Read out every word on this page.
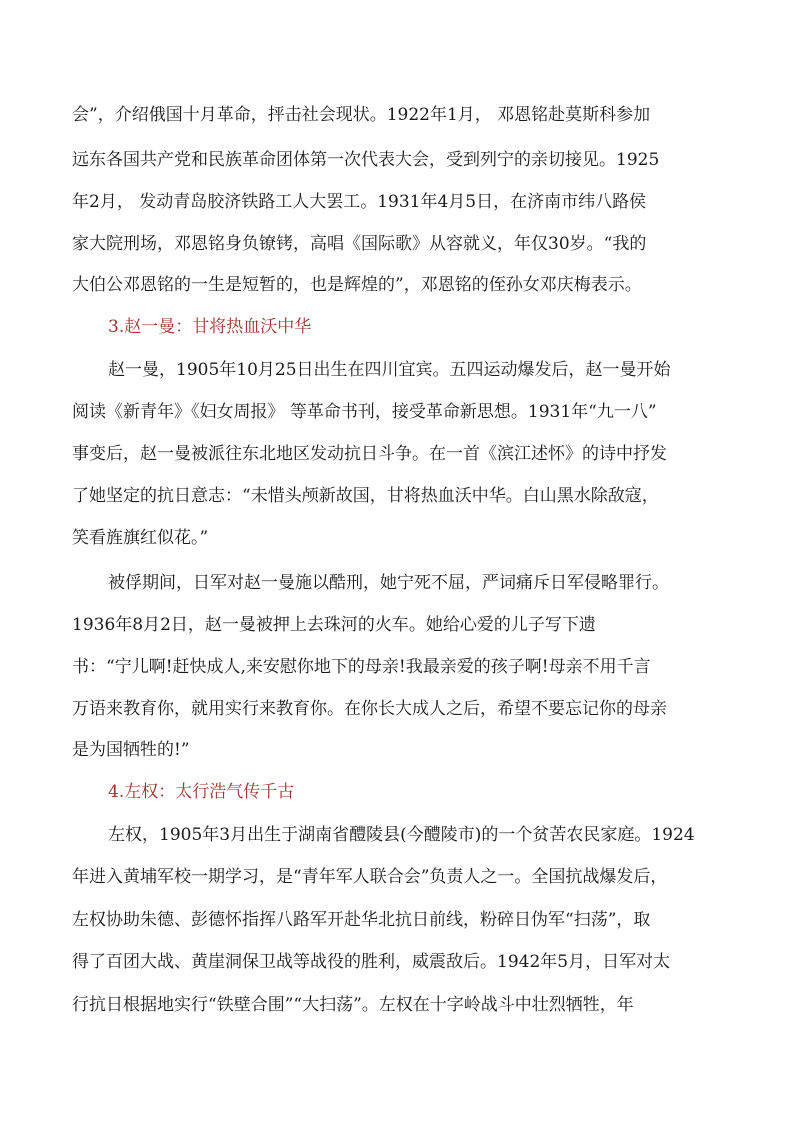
会”，介绍俄国十月革命，抨击社会现状。1922年1月， 邓恩铭赴莫斯科参加
远东各国共产党和民族革命团体第一次代表大会，受到列宁的亲切接见。1925
年2月， 发动青岛胶济铁路工人大罢工。1931年4月5日，在济南市纬八路侯
家大院刑场，邓恩铭身负镣铐，高唱《国际歌》从容就义，年仅30岁。“我的
大伯公邓恩铭的一生是短暂的，也是辉煌的”，邓恩铭的侄孙女邓庆梅表示。
3.赵一曼：甘将热血沃中华
赵一曼，1905年10月25日出生在四川宜宾。五四运动爆发后，赵一曼开始
阅读《新青年》《妇女周报》 等革命书刊，接受革命新思想。1931年“九一八”
事变后，赵一曼被派往东北地区发动抗日斗争。在一首《滨江述怀》的诗中抒发
了她坚定的抗日意志：“未惜头颅新故国，甘将热血沃中华。白山黑水除敌寇，
笑看旌旗红似花。”
被俘期间，日军对赵一曼施以酷刑，她宁死不屈，严词痛斥日军侵略罪行。
1936年8月2日，赵一曼被押上去珠河的火车。她给心爱的儿子写下遗
书：“宁儿啊!赶快成人,来安慰你地下的母亲!我最亲爱的孩子啊!母亲不用千言
万语来教育你，就用实行来教育你。在你长大成人之后，希望不要忘记你的母亲
是为国牺牲的!”
4.左权：太行浩气传千古
左权，1905年3月出生于湖南省醴陵县(今醴陵市)的一个贫苦农民家庭。1924
年进入黄埔军校一期学习，是“青年军人联合会”负责人之一。全国抗战爆发后，
左权协助朱德、彭德怀指挥八路军开赴华北抗日前线，粉碎日伪军“扫荡”，取
得了百团大战、黄崖洞保卫战等战役的胜利，威震敌后。1942年5月，日军对太
行抗日根据地实行“铁壁合围”“大扫荡”。左权在十字岭战斗中壮烈牺牲，年
